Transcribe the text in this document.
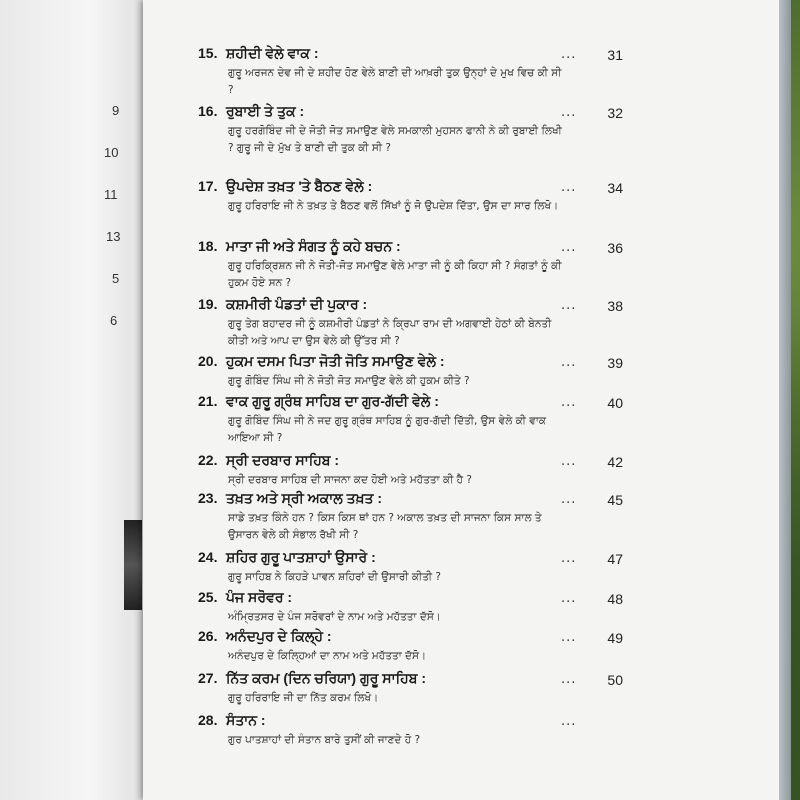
9
10
11
13
5
6
15. ਸ਼ਹੀਦੀ ਵੇਲੇ ਵਾਕ :
ਗੁਰੂ ਅਰਜਨ ਦੇਵ ਜੀ ਦੇ ਸ਼ਹੀਦ ਹੋਣ ਵੇਲੇ ਬਾਣੀ ਦੀ ਆਖ਼ਰੀ ਤੁਕ ਉਨ੍ਹਾਂ ਦੇ ਮੁਖ ਵਿਚ ਕੀ ਸੀ ?
...	31
16. ਰੁਬਾਈ ਤੇ ਤੁਕ :
ਗੁਰੂ ਹਰਗੋਬਿੰਦ ਜੀ ਦੇ ਜੋਤੀ ਜੋਤ ਸਮਾਉਣ ਵੇਲੇ ਸਮਕਾਲੀ ਮੁਹਸਨ ਫਾਨੀ ਨੇ ਕੀ ਰੁਬਾਈ ਲਿਖੀ ? ਗੁਰੂ ਜੀ ਦੇ ਮੁੱਖ ਤੇ ਬਾਣੀ ਦੀ ਤੁਕ ਕੀ ਸੀ ?
...	32
17. ਉਪਦੇਸ਼ ਤਖ਼ਤ 'ਤੇ ਬੈਠਣ ਵੇਲੇ :
ਗੁਰੂ ਹਰਿਰਾਇ ਜੀ ਨੇ ਤਖ਼ਤ ਤੇ ਬੈਠਣ ਵਲੋਂ ਸਿੱਖਾਂ ਨੂੰ ਜੋ ਉਪਦੇਸ਼ ਦਿੱਤਾ, ਉਸ ਦਾ ਸਾਰ ਲਿਖੋ।
...	34
18. ਮਾਤਾ ਜੀ ਅਤੇ ਸੰਗਤ ਨੂੰ ਕਹੇ ਬਚਨ :
ਗੁਰੂ ਹਰਿਕ੍ਰਿਸ਼ਨ ਜੀ ਨੇ ਜੋਤੀ-ਜੋਤ ਸਮਾਉਣ ਵੇਲੇ ਮਾਤਾ ਜੀ ਨੂੰ ਕੀ ਕਿਹਾ ਸੀ ? ਸੰਗਤਾਂ ਨੂੰ ਕੀ ਹੁਕਮ ਹੋਏ ਸਨ ?
...	36
19. ਕਸ਼ਮੀਰੀ ਪੰਡਤਾਂ ਦੀ ਪੁਕਾਰ :
ਗੁਰੂ ਤੇਗ ਬਹਾਦਰ ਜੀ ਨੂੰ ਕਸ਼ਮੀਰੀ ਪੰਡਤਾਂ ਨੇ ਕ੍ਰਿਪਾ ਰਾਮ ਦੀ ਅਗਵਾਈ ਹੇਠਾਂ ਕੀ ਬੇਨਤੀ ਕੀਤੀ ਅਤੇ ਆਪ ਦਾ ਉਸ ਵੇਲੇ ਕੀ ਉੱਤਰ ਸੀ ?
...	38
20. ਹੁਕਮ ਦਸਮ ਪਿਤਾ ਜੋਤੀ ਜੋਤਿ ਸਮਾਉਣ ਵੇਲੇ :
ਗੁਰੂ ਗੋਬਿੰਦ ਸਿੰਘ ਜੀ ਨੇ ਜੋਤੀ ਜੋਤ ਸਮਾਉਣ ਵੇਲੇ ਕੀ ਹੁਕਮ ਕੀਤੇ ?
...	39
21. ਵਾਕ ਗੁਰੂ ਗ੍ਰੰਥ ਸਾਹਿਬ ਦਾ ਗੁਰ-ਗੱਦੀ ਵੇਲੇ :
ਗੁਰੂ ਗੋਬਿੰਦ ਸਿੰਘ ਜੀ ਨੇ ਜਦ ਗੁਰੂ ਗ੍ਰੰਥ ਸਾਹਿਬ ਨੂੰ ਗੁਰ-ਗੱਦੀ ਦਿੱਤੀ, ਉਸ ਵੇਲੇ ਕੀ ਵਾਕ ਆਇਆ ਸੀ ?
...	40
22. ਸ੍ਰੀ ਦਰਬਾਰ ਸਾਹਿਬ :
ਸ੍ਰੀ ਦਰਬਾਰ ਸਾਹਿਬ ਦੀ ਸਾਜਨਾ ਕਦ ਹੋਈ ਅਤੇ ਮਹੱਤਤਾ ਕੀ ਹੈ ?
...	42
23. ਤਖ਼ਤ ਅਤੇ ਸ੍ਰੀ ਅਕਾਲ ਤਖ਼ਤ :
ਸਾਡੇ ਤਖ਼ਤ ਕਿੰਨੇ ਹਨ ? ਕਿਸ ਕਿਸ ਥਾਂ ਹਨ ? ਅਕਾਲ ਤਖ਼ਤ ਦੀ ਸਾਜਨਾ ਕਿਸ ਸਾਲ ਤੇ ਉਸਾਰਨ ਵੇਲੇ ਕੀ ਸੰਭਾਲ ਰੱਖੀ ਸੀ ?
...	45
24. ਸ਼ਹਿਰ ਗੁਰੂ ਪਾਤਸ਼ਾਹਾਂ ਉਸਾਰੇ :
ਗੁਰੂ ਸਾਹਿਬ ਨੇ ਕਿਹੜੇ ਪਾਵਨ ਸ਼ਹਿਰਾਂ ਦੀ ਉਸਾਰੀ ਕੀਤੀ ?
...	47
25. ਪੰਜ ਸਰੋਵਰ :
ਅੰਮ੍ਰਿਤਸਰ ਦੇ ਪੰਜ ਸਰੋਵਰਾਂ ਦੇ ਨਾਮ ਅਤੇ ਮਹੱਤਤਾ ਦੱਸੋ।
...	48
26. ਅਨੰਦਪੁਰ ਦੇ ਕਿਲ੍ਹੇ :
ਅਨੰਦਪੁਰ ਦੇ ਕਿਲ੍ਹਿਆਂ ਦਾ ਨਾਮ ਅਤੇ ਮਹੱਤਤਾ ਦੱਸੋ।
...	49
27. ਨਿੱਤ ਕਰਮ (ਦਿਨ ਚਰਿਯਾ) ਗੁਰੂ ਸਾਹਿਬ :
ਗੁਰੂ ਹਰਿਰਾਇ ਜੀ ਦਾ ਨਿੱਤ ਕਰਮ ਲਿਖੋ।
...	50
28. ਸੰਤਾਨ :
ਗੁਰ ਪਾਤਸ਼ਾਹਾਂ ਦੀ ਸੰਤਾਨ ਬਾਰੇ ਤੁਸੀਂ ਕੀ ਜਾਣਦੇ ਹੋ ?
...
